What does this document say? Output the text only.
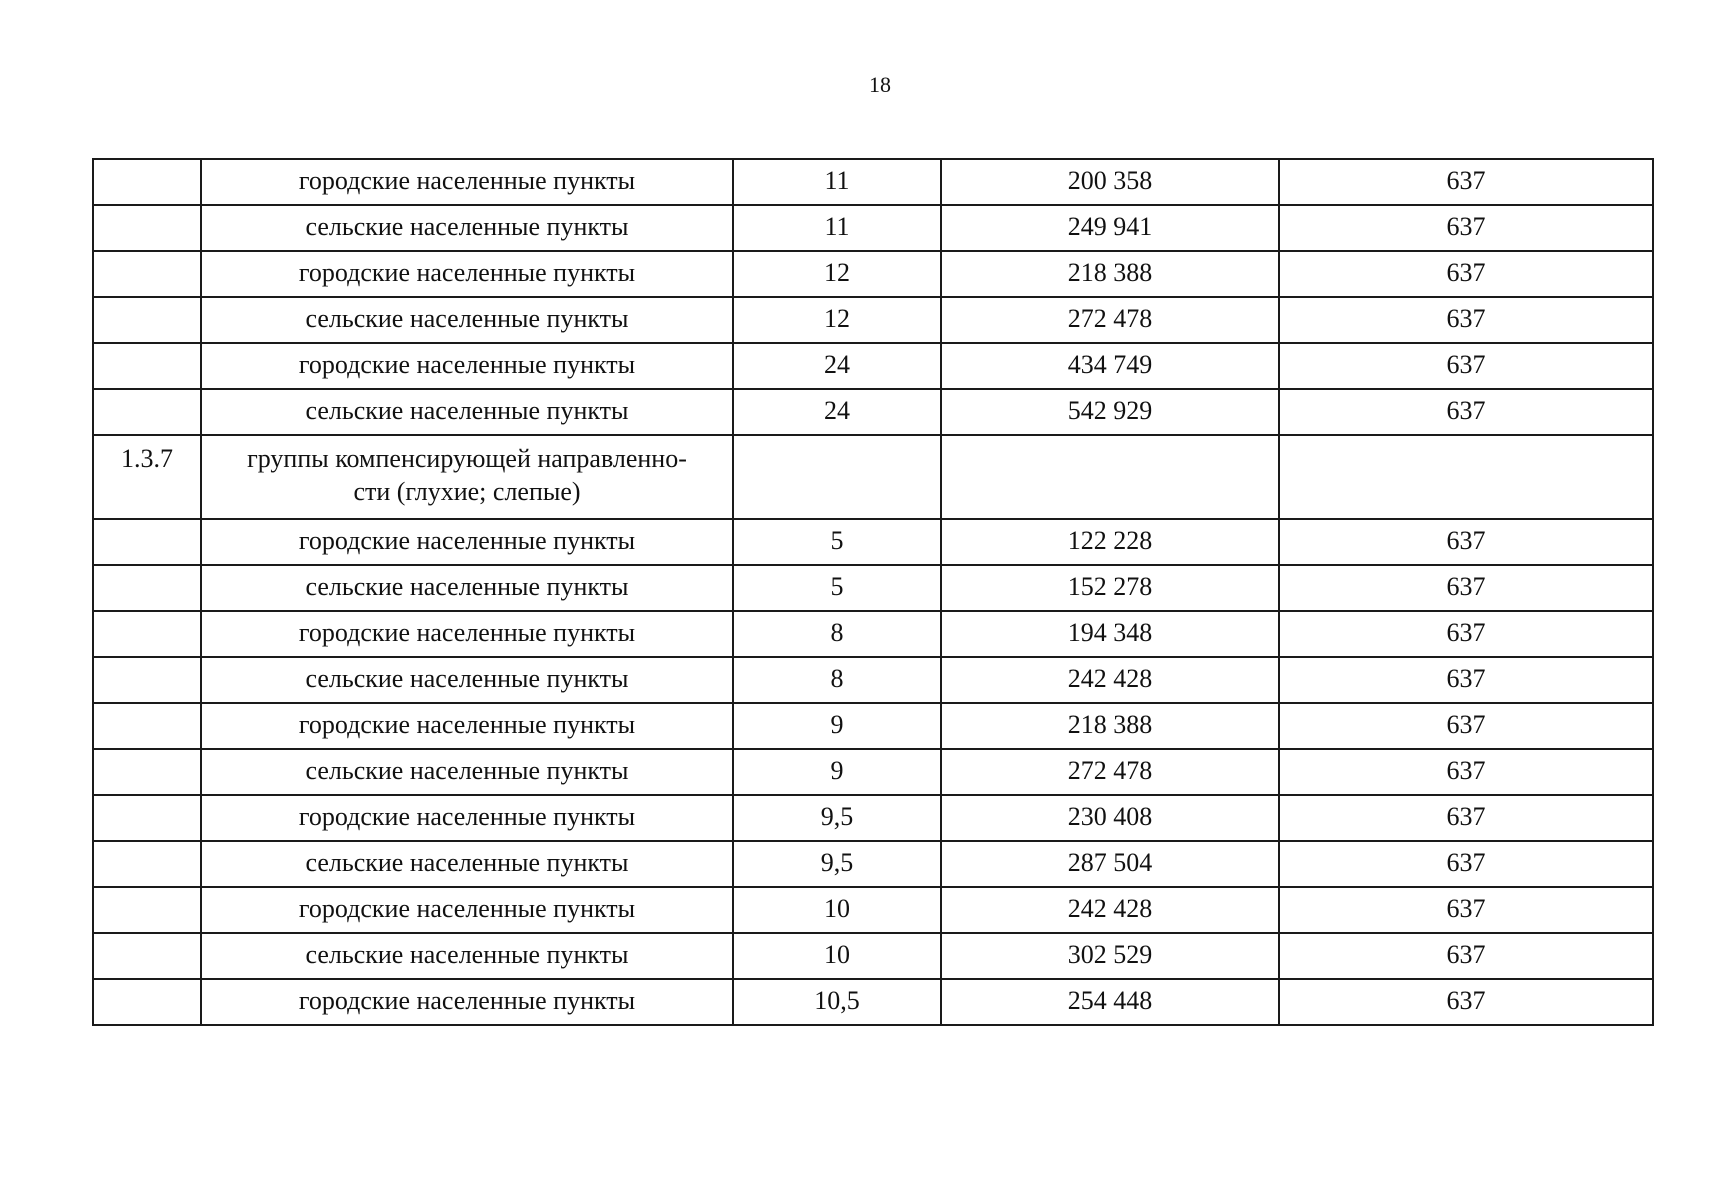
18
	городские населенные пункты	11	200 358	637
	сельские населенные пункты	11	249 941	637
	городские населенные пункты	12	218 388	637
	сельские населенные пункты	12	272 478	637
	городские населенные пункты	24	434 749	637
	сельские населенные пункты	24	542 929	637
1.3.7	группы компенсирующей направленно-
сти (глухие; слепые)			
	городские населенные пункты	5	122 228	637
	сельские населенные пункты	5	152 278	637
	городские населенные пункты	8	194 348	637
	сельские населенные пункты	8	242 428	637
	городские населенные пункты	9	218 388	637
	сельские населенные пункты	9	272 478	637
	городские населенные пункты	9,5	230 408	637
	сельские населенные пункты	9,5	287 504	637
	городские населенные пункты	10	242 428	637
	сельские населенные пункты	10	302 529	637
	городские населенные пункты	10,5	254 448	637
